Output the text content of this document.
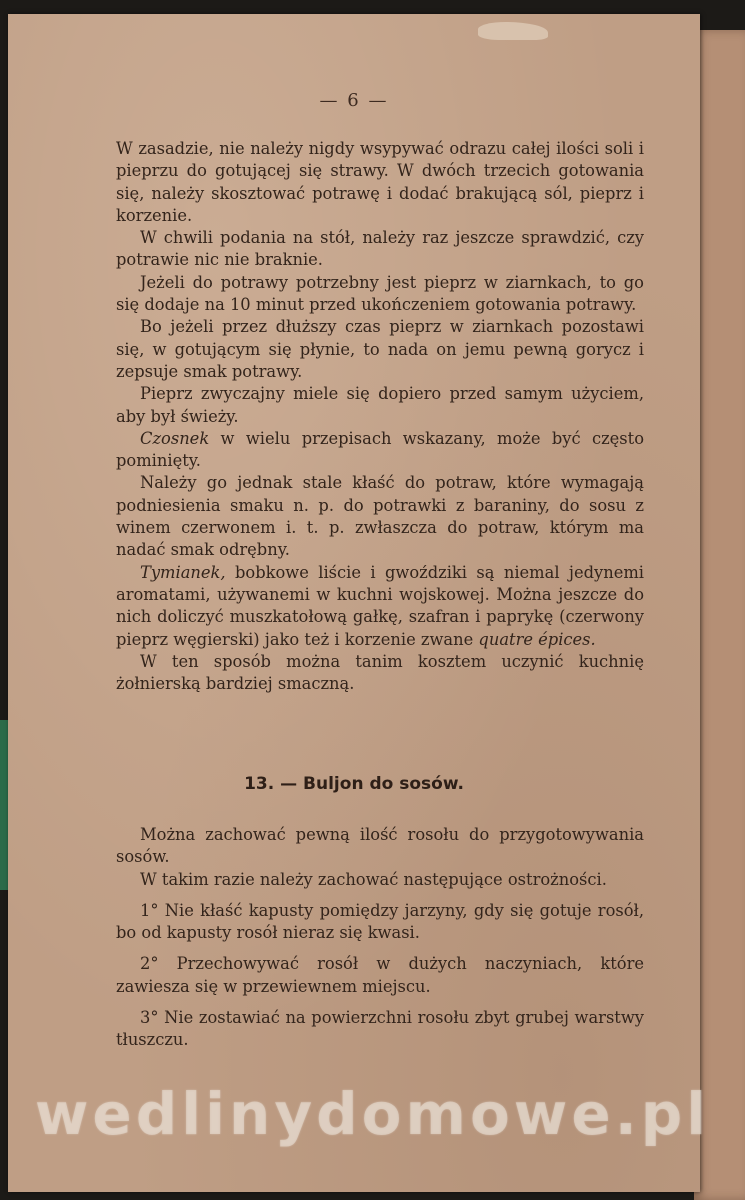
— 6 —

W zasadzie, nie należy nigdy wsypywać odrazu całej ilości soli i pieprzu do gotującej się strawy. W dwóch trzecich gotowania się, należy skosztować potrawę i dodać brakującą sól, pieprz i korzenie.

W chwili podania na stół, należy raz jeszcze sprawdzić, czy potrawie nic nie braknie.

Jeżeli do potrawy potrzebny jest pieprz w ziarnkach, to go się dodaje na 10 minut przed ukończeniem gotowania potrawy.

Bo jeżeli przez dłuższy czas pieprz w ziarnkach pozostawi się, w gotującym się płynie, to nada on jemu pewną gorycz i zepsuje smak potrawy.

Pieprz zwyczajny miele się dopiero przed samym użyciem, aby był świeży.

Czosnek w wielu przepisach wskazany, może być często pominięty.

Należy go jednak stale kłaść do potraw, które wymagają podniesienia smaku n. p. do potrawki z baraniny, do sosu z winem czerwonem i. t. p. zwłaszcza do potraw, którym ma nadać smak odrębny.

Tymianek, bobkowe liście i gwoździki są niemal jedynemi aromatami, używanemi w kuchni wojskowej. Można jeszcze do nich doliczyć muszkatołową gałkę, szafran i paprykę (czerwony pieprz węgierski) jako też i korzenie zwane quatre épices.

W ten sposób można tanim kosztem uczynić kuchnię żołnierską bardziej smaczną.

13. — Buljon do sosów.

Można zachować pewną ilość rosołu do przygotowywania sosów.

W takim razie należy zachować następujące ostrożności.

1° Nie kłaść kapusty pomiędzy jarzyny, gdy się gotuje rosół, bo od kapusty rosół nieraz się kwasi.

2° Przechowywać rosół w dużych naczyniach, które zawiesza się w przewiewnem miejscu.

3° Nie zostawiać na powierzchni rosołu zbyt grubej warstwy tłuszczu.

wedlinydomowe.pl
